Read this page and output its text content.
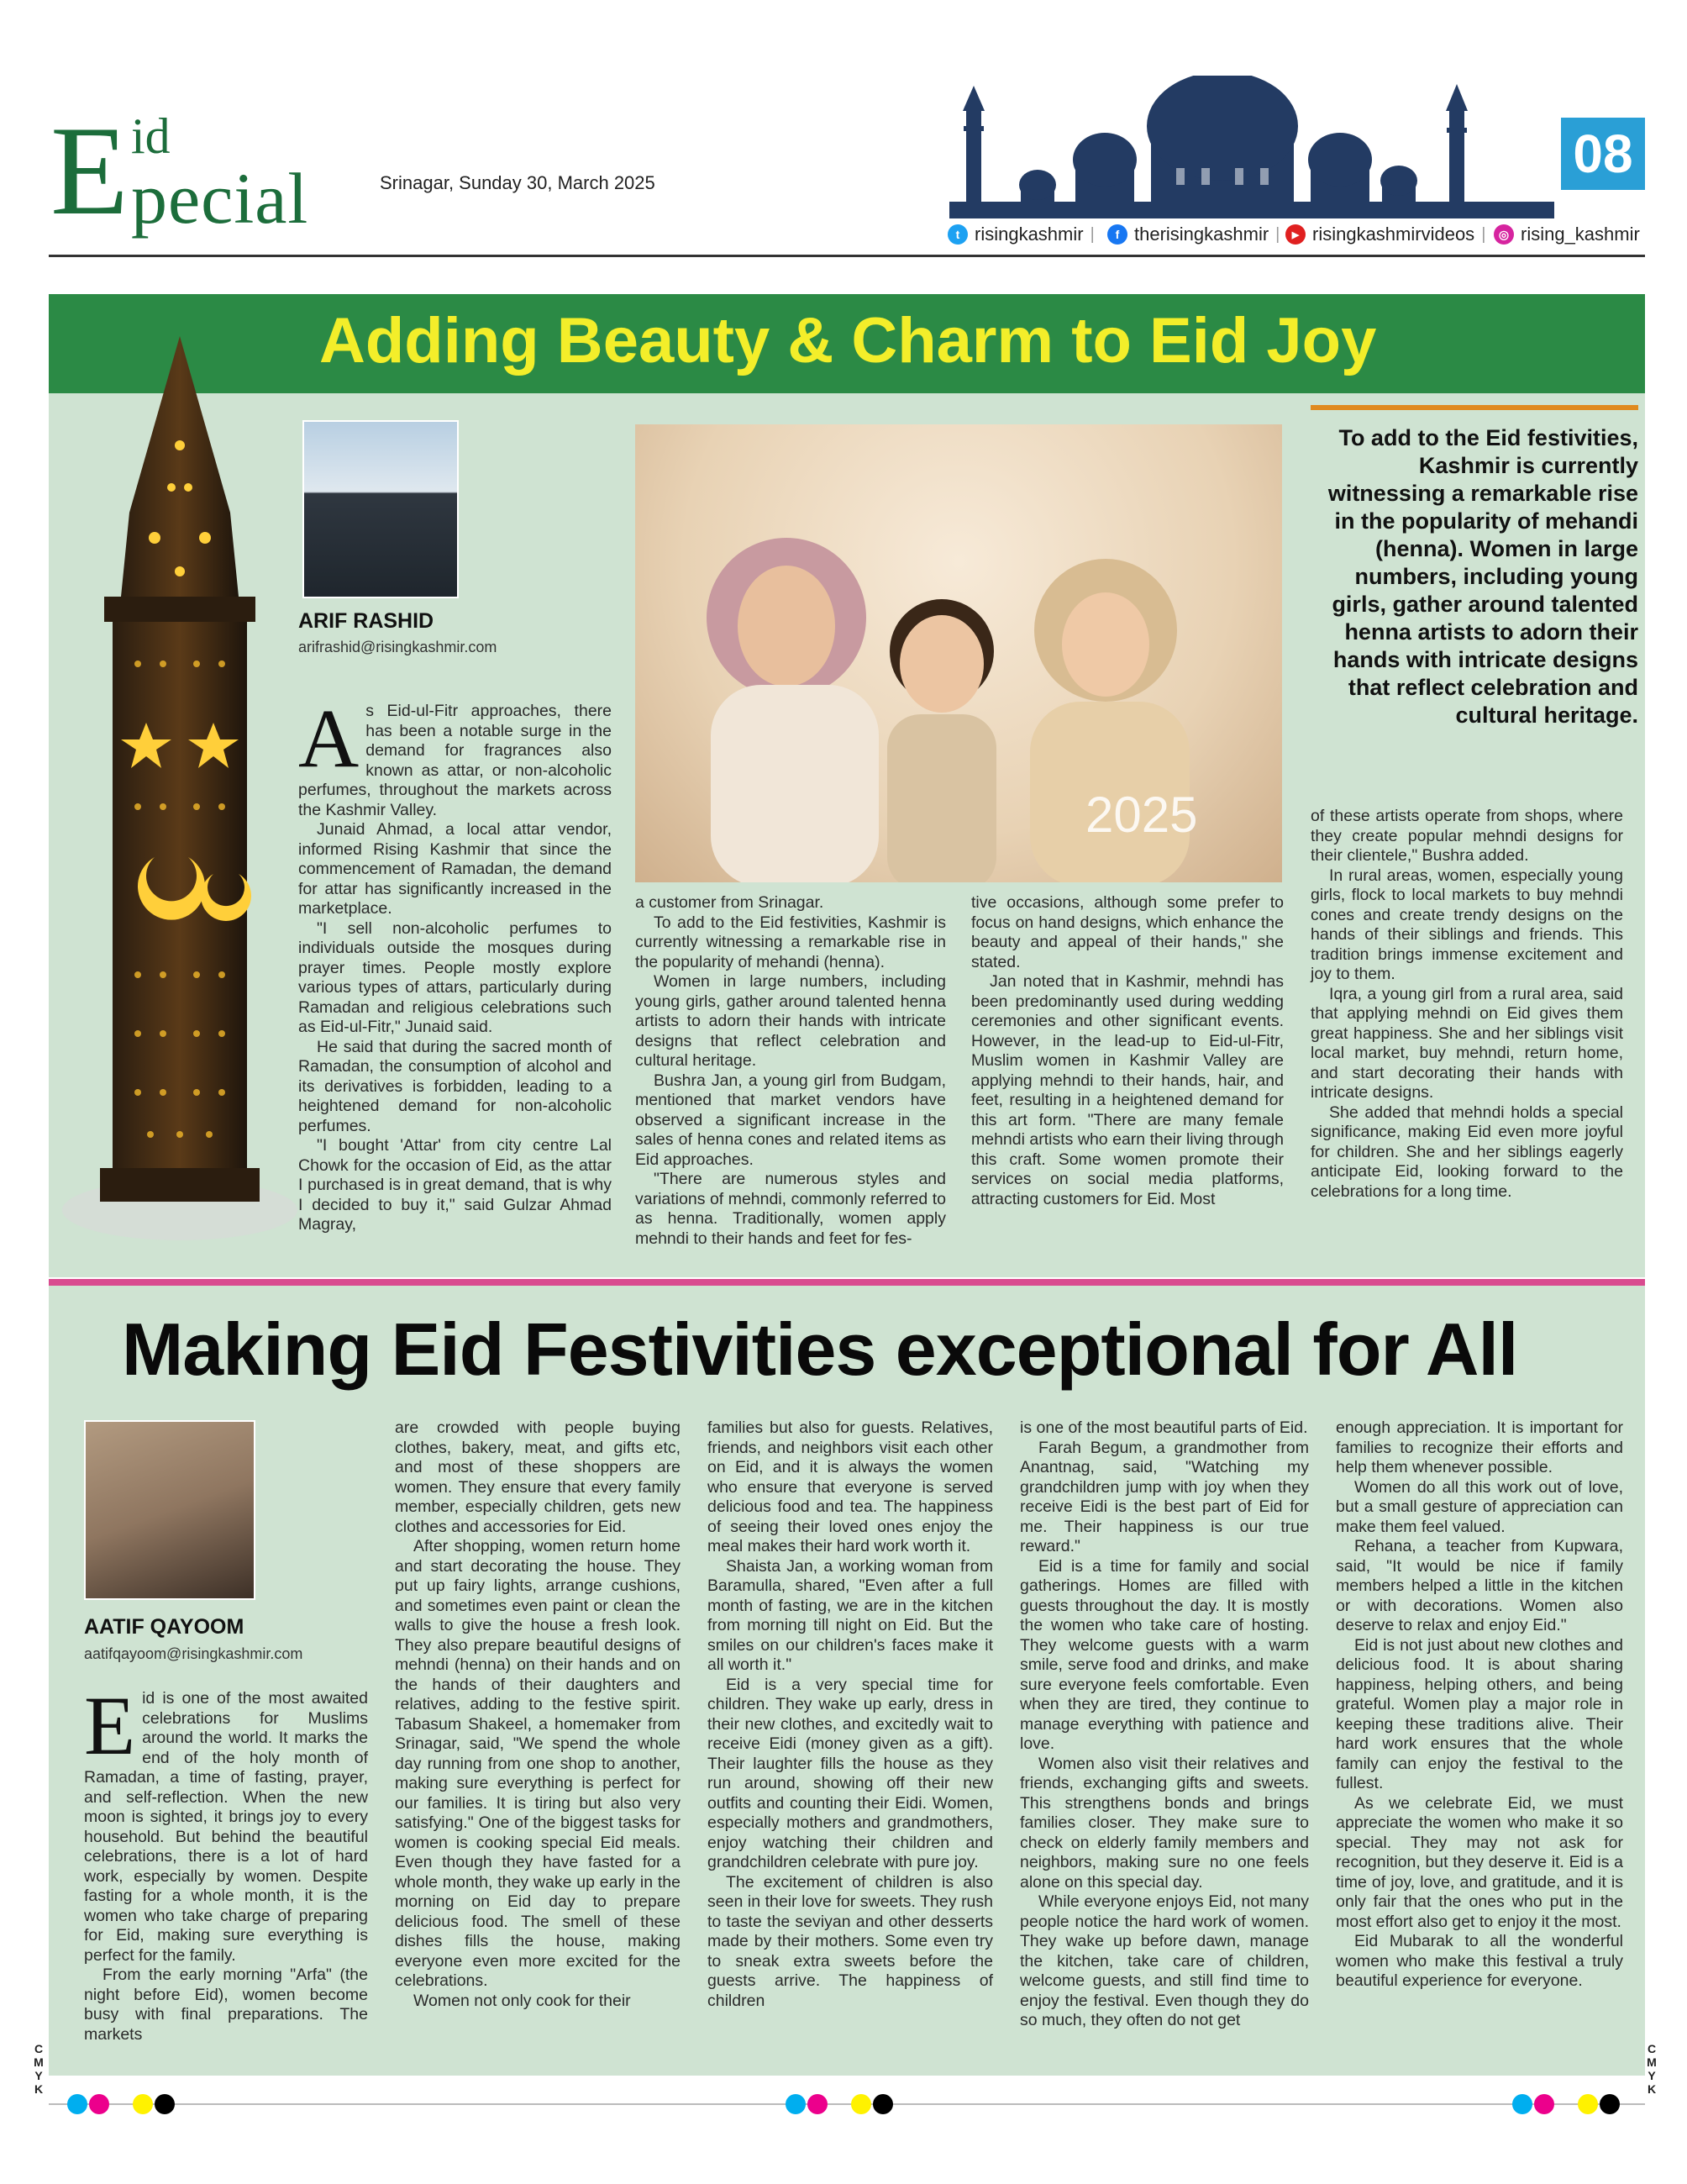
E id
pecial	Srinagar, Sunday 30, March 2025	08
t risingkashmir |	f therisingkashmir |	▶ risingkashmirvideos |	◎ rising_kashmir
Adding Beauty & Charm to Eid Joy
ARIF RASHID
arifrashid@risingkashmir.com

As Eid-ul-Fitr approaches, there has been a notable surge in the demand for fragrances also known as attar, or non-alcoholic perfumes, throughout the markets across the Kashmir Valley.

Junaid Ahmad, a local attar vendor, informed Rising Kashmir that since the commencement of Ramadan, the demand for attar has significantly increased in the marketplace.

"I sell non-alcoholic perfumes to individuals outside the mosques during prayer times. People mostly explore various types of attars, particularly during Ramadan and religious celebrations such as Eid-ul-Fitr," Junaid said.

He said that during the sacred month of Ramadan, the consumption of alcohol and its derivatives is forbidden, leading to a heightened demand for non-alcoholic perfumes.

"I bought 'Attar' from city centre Lal Chowk for the occasion of Eid, as the attar I purchased is in great demand, that is why I decided to buy it," said Gulzar Ahmad Magray,

2025

a customer from Srinagar.

To add to the Eid festivities, Kashmir is currently witnessing a remarkable rise in the popularity of mehandi (henna).

Women in large numbers, including young girls, gather around talented henna artists to adorn their hands with intricate designs that reflect celebration and cultural heritage.

Bushra Jan, a young girl from Budgam, mentioned that market vendors have observed a significant increase in the sales of henna cones and related items as Eid approaches.

"There are numerous styles and variations of mehndi, commonly referred to as henna. Traditionally, women apply mehndi to their hands and feet for fes-

tive occasions, although some prefer to focus on hand designs, which enhance the beauty and appeal of their hands," she stated.

Jan noted that in Kashmir, mehndi has been predominantly used during wedding ceremonies and other significant events. However, in the lead-up to Eid-ul-Fitr, Muslim women in Kashmir Valley are applying mehndi to their hands, hair, and feet, resulting in a heightened demand for this art form. "There are many female mehndi artists who earn their living through this craft. Some women promote their services on social media platforms, attracting customers for Eid. Most

To add to the Eid festivities, Kashmir is currently witnessing a remarkable rise in the popularity of mehandi (henna). Women in large numbers, including young girls, gather around talented henna artists to adorn their hands with intricate designs that reflect celebration and cultural heritage.

of these artists operate from shops, where they create popular mehndi designs for their clientele," Bushra added.

In rural areas, women, especially young girls, flock to local markets to buy mehndi cones and create trendy designs on the hands of their siblings and friends. This tradition brings immense excitement and joy to them.

Iqra, a young girl from a rural area, said that applying mehndi on Eid gives them great happiness. She and her siblings visit local market, buy mehndi, return home, and start decorating their hands with intricate designs.

She added that mehndi holds a special significance, making Eid even more joyful for children. She and her siblings eagerly anticipate Eid, looking forward to the celebrations for a long time.

Making Eid Festivities exceptional for All
AATIF QAYOOM
aatifqayoom@risingkashmir.com

Eid is one of the most awaited celebrations for Muslims around the world. It marks the end of the holy month of Ramadan, a time of fasting, prayer, and self-reflection. When the new moon is sighted, it brings joy to every household. But behind the beautiful celebrations, there is a lot of hard work, especially by women. Despite fasting for a whole month, it is the women who take charge of preparing for Eid, making sure everything is perfect for the family.

From the early morning "Arfa" (the night before Eid), women become busy with final preparations. The markets

are crowded with people buying clothes, bakery, meat, and gifts etc, and most of these shoppers are women. They ensure that every family member, especially children, gets new clothes and accessories for Eid.

After shopping, women return home and start decorating the house. They put up fairy lights, arrange cushions, and sometimes even paint or clean the walls to give the house a fresh look. They also prepare beautiful designs of mehndi (henna) on their hands and on the hands of their daughters and relatives, adding to the festive spirit. Tabasum Shakeel, a homemaker from Srinagar, said, "We spend the whole day running from one shop to another, making sure everything is perfect for our families. It is tiring but also very satisfying." One of the biggest tasks for women is cooking special Eid meals. Even though they have fasted for a whole month, they wake up early in the morning on Eid day to prepare delicious food. The smell of these dishes fills the house, making everyone even more excited for the celebrations.

Women not only cook for their

families but also for guests. Relatives, friends, and neighbors visit each other on Eid, and it is always the women who ensure that everyone is served delicious food and tea. The happiness of seeing their loved ones enjoy the meal makes their hard work worth it.

Shaista Jan, a working woman from Baramulla, shared, "Even after a full month of fasting, we are in the kitchen from morning till night on Eid. But the smiles on our children's faces make it all worth it."

Eid is a very special time for children. They wake up early, dress in their new clothes, and excitedly wait to receive Eidi (money given as a gift). Their laughter fills the house as they run around, showing off their new outfits and counting their Eidi. Women, especially mothers and grandmothers, enjoy watching their children and grandchildren celebrate with pure joy.

The excitement of children is also seen in their love for sweets. They rush to taste the seviyan and other desserts made by their mothers. Some even try to sneak extra sweets before the guests arrive. The happiness of children

is one of the most beautiful parts of Eid.

Farah Begum, a grandmother from Anantnag, said, "Watching my grandchildren jump with joy when they receive Eidi is the best part of Eid for me. Their happiness is our true reward."

Eid is a time for family and social gatherings. Homes are filled with guests throughout the day. It is mostly the women who take care of hosting. They welcome guests with a warm smile, serve food and drinks, and make sure everyone feels comfortable. Even when they are tired, they continue to manage everything with patience and love.

Women also visit their relatives and friends, exchanging gifts and sweets. This strengthens bonds and brings families closer. They make sure to check on elderly family members and neighbors, making sure no one feels alone on this special day.

While everyone enjoys Eid, not many people notice the hard work of women. They wake up before dawn, manage the kitchen, take care of children, welcome guests, and still find time to enjoy the festival. Even though they do so much, they often do not get

enough appreciation. It is important for families to recognize their efforts and help them whenever possible.

Women do all this work out of love, but a small gesture of appreciation can make them feel valued.

Rehana, a teacher from Kupwara, said, "It would be nice if family members helped a little in the kitchen or with decorations. Women also deserve to relax and enjoy Eid."

Eid is not just about new clothes and delicious food. It is about sharing happiness, helping others, and being grateful. Women play a major role in keeping these traditions alive. Their hard work ensures that the whole family can enjoy the festival to the fullest.

As we celebrate Eid, we must appreciate the women who make it so special. They may not ask for recognition, but they deserve it. Eid is a time of joy, love, and gratitude, and it is only fair that the ones who put in the most effort also get to enjoy it the most.

Eid Mubarak to all the wonderful women who make this festival a truly beautiful experience for everyone.

C
M
Y
K
C
M
Y
K
